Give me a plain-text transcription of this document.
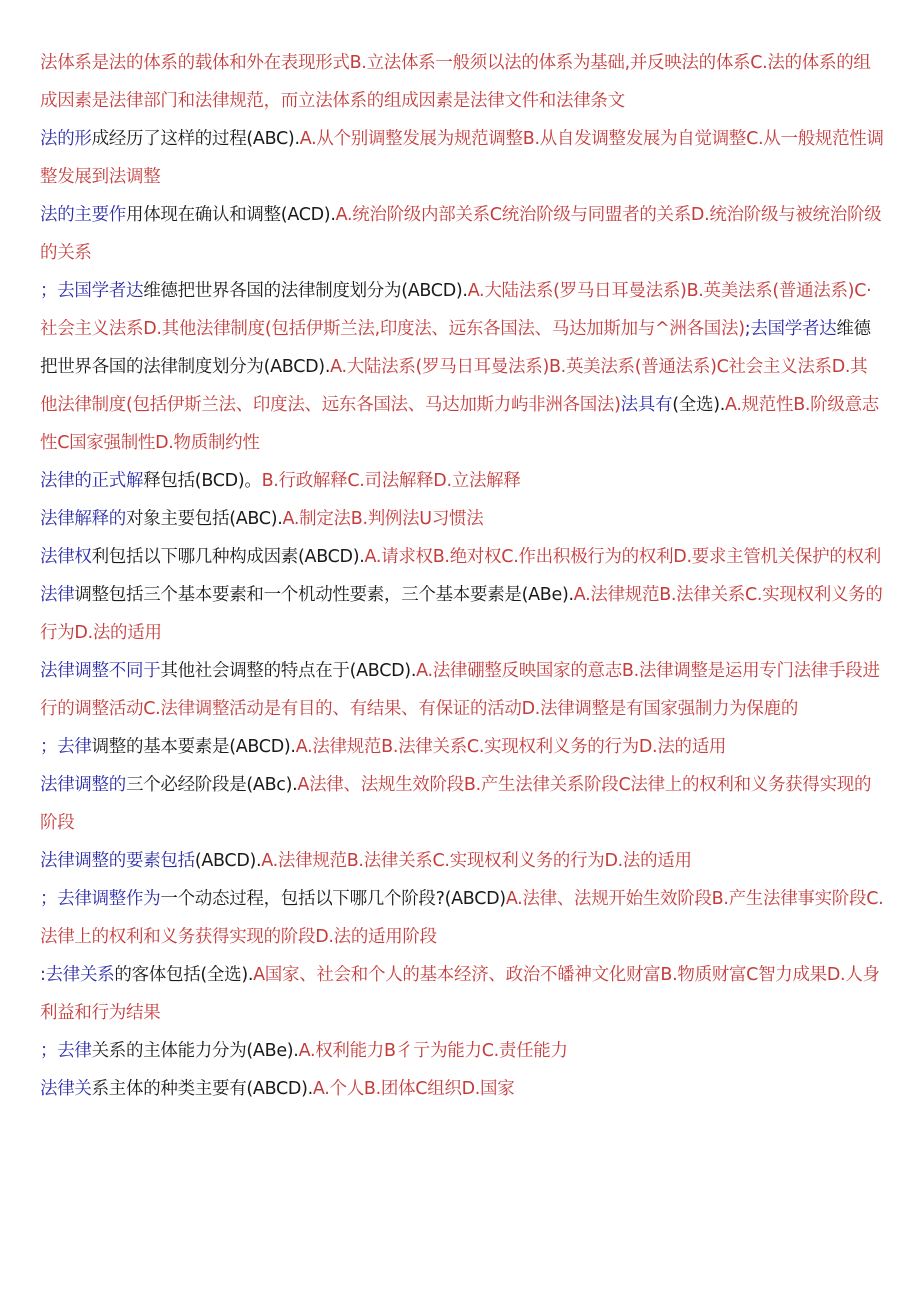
法体系是法的体系的载体和外在表现形式B.立法体系一般须以法的体系为基础,并反映法的体系C.法的体系的组成因素是法律部门和法律规范，而立法体系的组成因素是法律文件和法律条文

法的形成经历了这样的过程(ABC).A.从个别调整发展为规范调整B.从自发调整发展为自觉调整C.从一般规范性调整发展到法调整

法的主要作用体现在确认和调整(ACD).A.统治阶级内部关系C统治阶级与同盟者的关系D.统治阶级与被统治阶级的关系

；去国学者达维德把世界各国的法律制度划分为(ABCD).A.大陆法系(罗马日耳曼法系)B.英美法系(普通法系)C·社会主义法系D.其他法律制度(包括伊斯兰法,印度法、远东各国法、马达加斯加与^洲各国法);去国学者达维德把世界各国的法律制度划分为(ABCD).A.大陆法系(罗马日耳曼法系)B.英美法系(普通法系)C社会主义法系D.其他法律制度(包括伊斯兰法、印度法、远东各国法、马达加斯力屿非洲各国法)法具有(全选).A.规范性B.阶级意志性C国家强制性D.物质制约性

法律的正式解释包括(BCD)。B.行政解释C.司法解释D.立法解释

法律解释的对象主要包括(ABC).A.制定法B.判例法U习惯法

法律权利包括以下哪几种构成因素(ABCD).A.请求权B.绝对权C.作出积极行为的权利D.要求主管机关保护的权利

法律调整包括三个基本要素和一个机动性要素，三个基本要素是(ABe).A.法律规范B.法律关系C.实现权利义务的行为D.法的适用

法律调整不同于其他社会调整的特点在于(ABCD).A.法律硼整反映国家的意志B.法律调整是运用专门法律手段进行的调整活动C.法律调整活动是有目的、有结果、有保证的活动D.法律调整是有国家强制力为保鹿的

；去律调整的基本要素是(ABCD).A.法律规范B.法律关系C.实现权利义务的行为D.法的适用

法律调整的三个必经阶段是(ABc).A法律、法规生效阶段B.产生法律关系阶段C法律上的权利和义务获得实现的阶段

法律调整的要素包括(ABCD).A.法律规范B.法律关系C.实现权利义务的行为D.法的适用

；去律调整作为一个动态过程，包括以下哪几个阶段?(ABCD)A.法律、法规开始生效阶段B.产生法律事实阶段C.法律上的权利和义务获得实现的阶段D.法的适用阶段

:去律关系的客体包括(全选).A国家、社会和个人的基本经济、政治不皤神文化财富B.物质财富C智力成果D.人身利益和行为结果

；去律关系的主体能力分为(ABe).A.权利能力B彳亍为能力C.责任能力

法律关系主体的种类主要有(ABCD).A.个人B.团体C组织D.国家
